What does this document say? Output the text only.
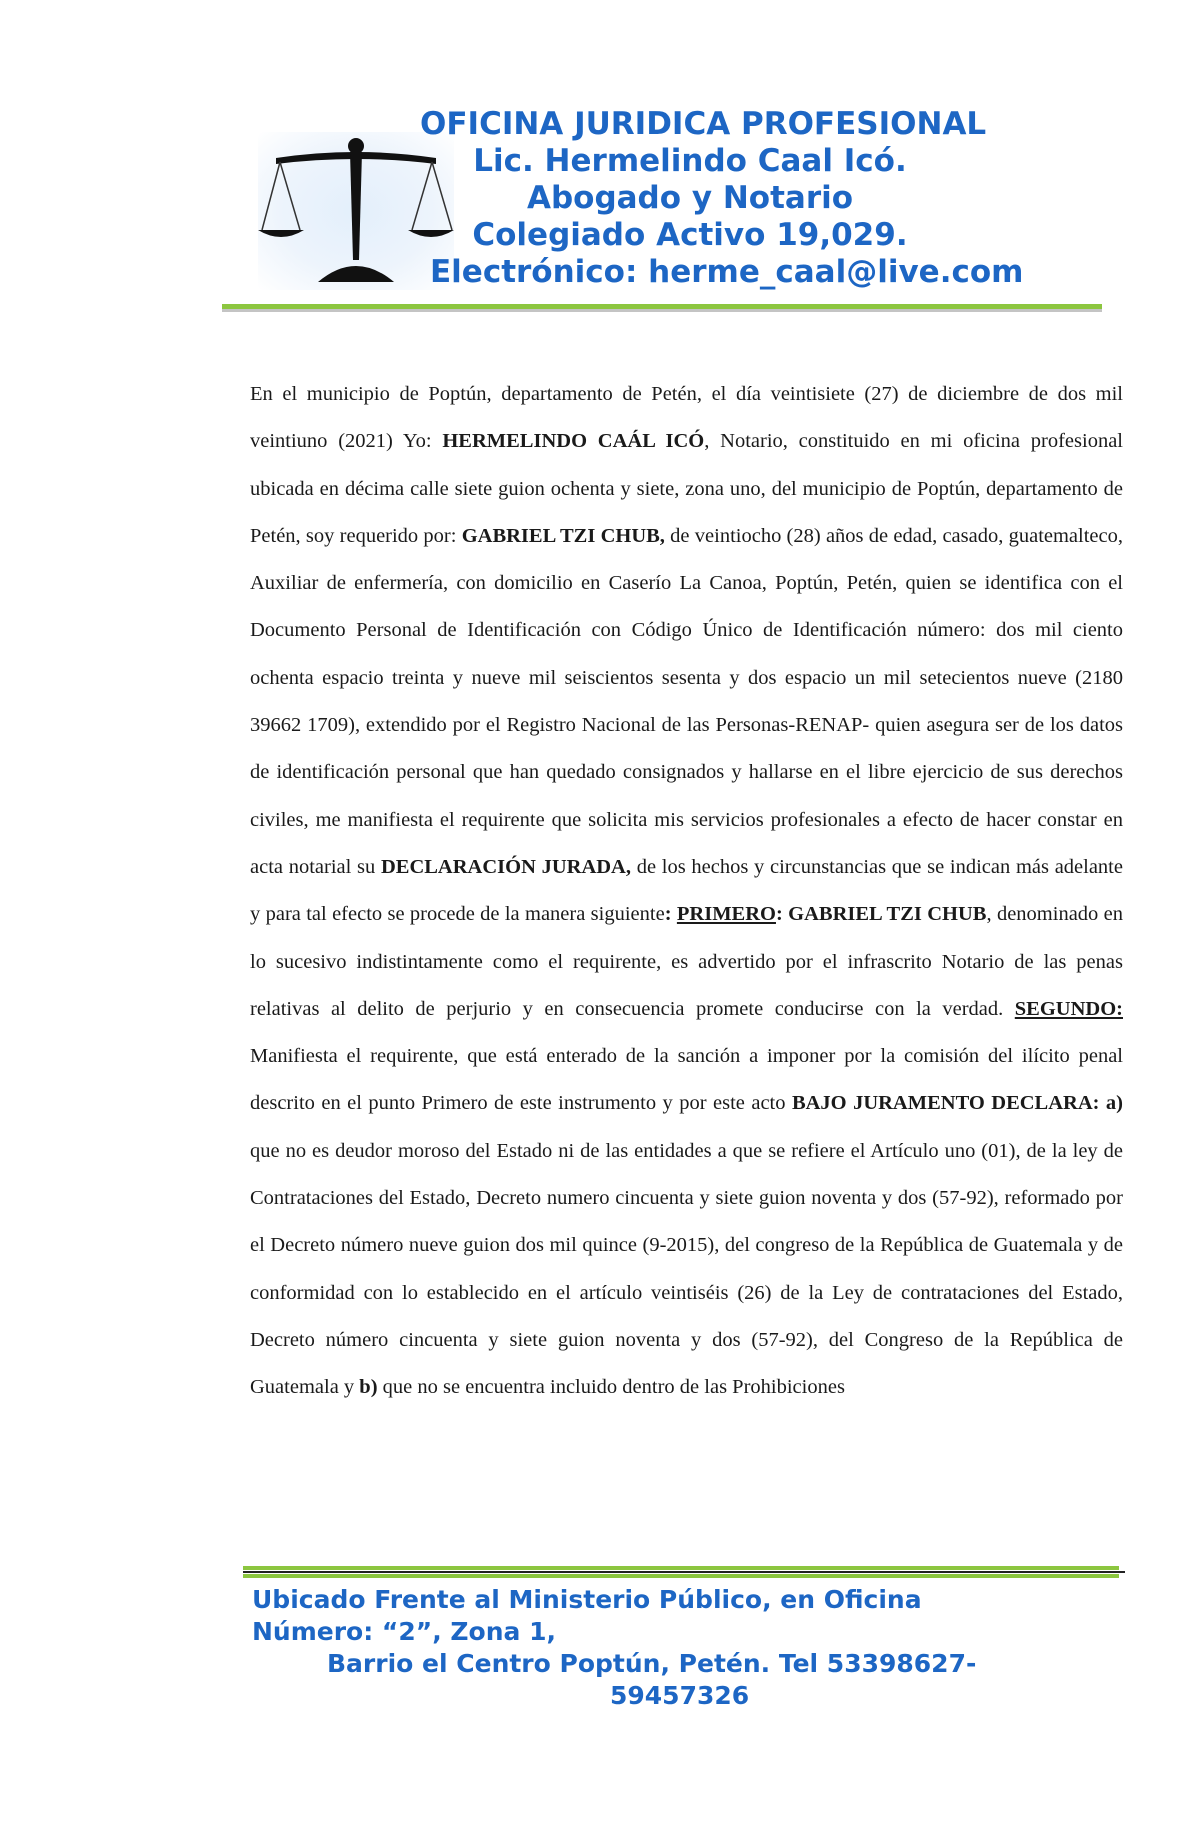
OFICINA JURIDICA PROFESIONAL
Lic. Hermelindo Caal Icó.
Abogado y Notario
Colegiado Activo 19,029.
Electrónico: herme_caal@live.com

En el municipio de Poptún, departamento de Petén, el día veintisiete (27) de diciembre de dos mil veintiuno (2021) Yo: HERMELINDO CAÁL ICÓ, Notario, constituido en mi oficina profesional ubicada en décima calle siete guion ochenta y siete, zona uno, del municipio de Poptún, departamento de Petén, soy requerido por: GABRIEL TZI CHUB, de veintiocho (28) años de edad, casado, guatemalteco, Auxiliar de enfermería, con domicilio en Caserío La Canoa, Poptún, Petén, quien se identifica con el Documento Personal de Identificación con Código Único de Identificación número: dos mil ciento ochenta espacio treinta y nueve mil seiscientos sesenta y dos espacio un mil setecientos nueve (2180 39662 1709), extendido por el Registro Nacional de las Personas-RENAP- quien asegura ser de los datos de identificación personal que han quedado consignados y hallarse en el libre ejercicio de sus derechos civiles, me manifiesta el requirente que solicita mis servicios profesionales a efecto de hacer constar en acta notarial su DECLARACIÓN JURADA, de los hechos y circunstancias que se indican más adelante y para tal efecto se procede de la manera siguiente: PRIMERO: GABRIEL TZI CHUB, denominado en lo sucesivo indistintamente como el requirente, es advertido por el infrascrito Notario de las penas relativas al delito de perjurio y en consecuencia promete conducirse con la verdad. SEGUNDO: Manifiesta el requirente, que está enterado de la sanción a imponer por la comisión del ilícito penal descrito en el punto Primero de este instrumento y por este acto BAJO JURAMENTO DECLARA: a) que no es deudor moroso del Estado ni de las entidades a que se refiere el Artículo uno (01), de la ley de Contrataciones del Estado, Decreto numero cincuenta y siete guion noventa y dos (57-92), reformado por el Decreto número nueve guion dos mil quince (9-2015), del congreso de la República de Guatemala y de conformidad con lo establecido en el artículo veintiséis (26) de la Ley de contrataciones del Estado, Decreto número cincuenta y siete guion noventa y dos (57-92), del Congreso de la República de Guatemala y b) que no se encuentra incluido dentro de las Prohibiciones

Ubicado Frente al Ministerio Público, en Oficina
Número: “2”, Zona 1,
Barrio el Centro Poptún, Petén. Tel 53398627-
59457326
